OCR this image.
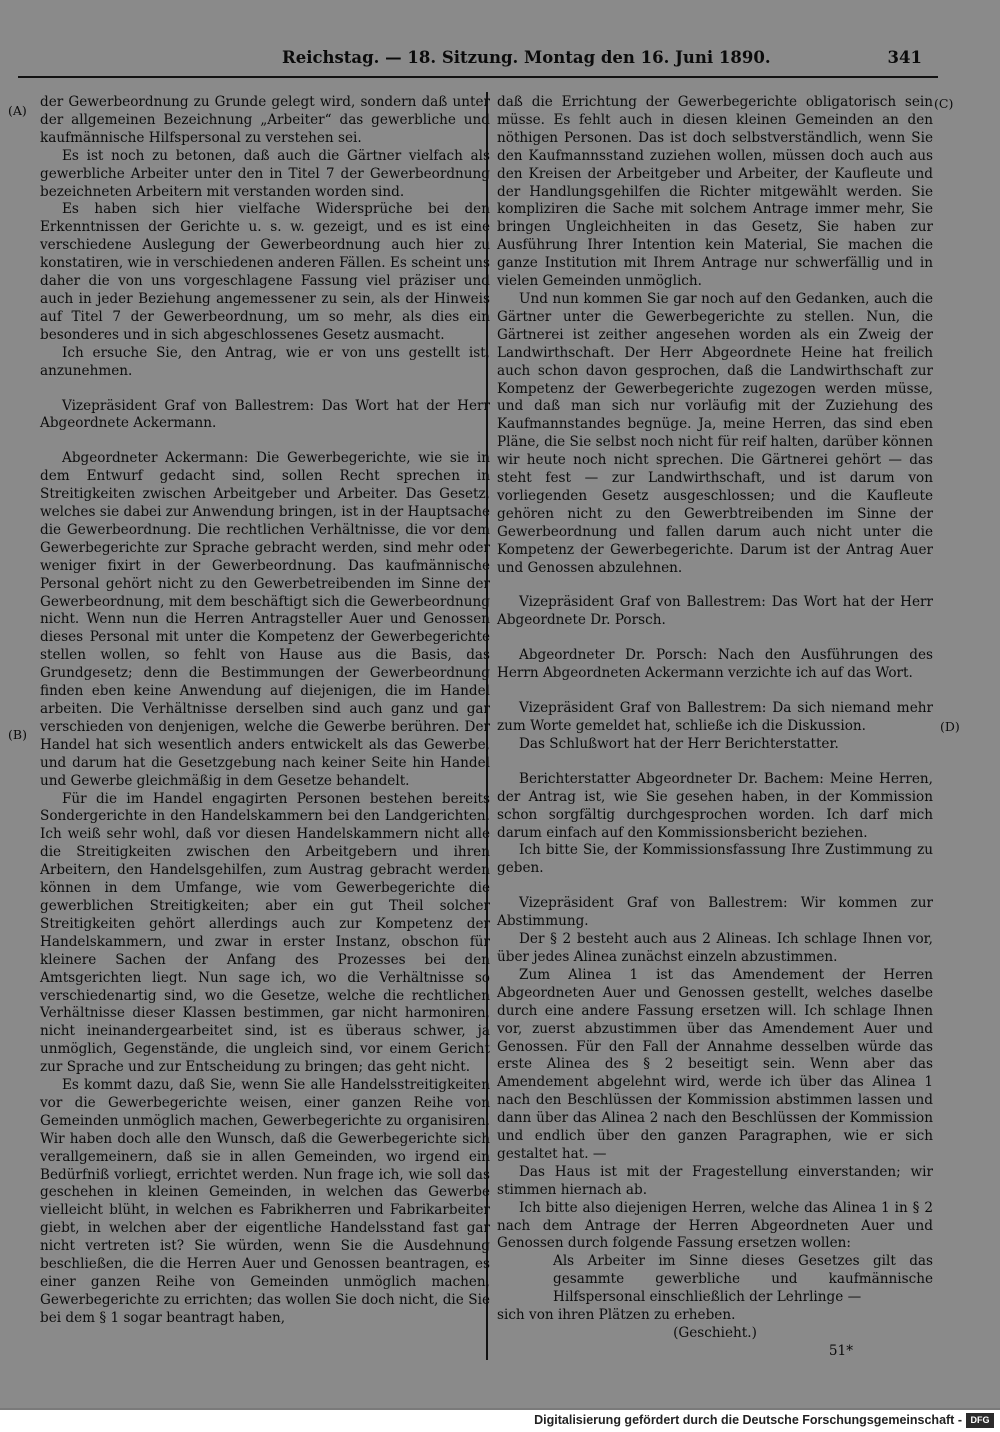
Reichstag. — 18. Sitzung. Montag den 16. Juni 1890.	341
(A)
(B)
(C)
(D)

der Gewerbeordnung zu Grunde gelegt wird, sondern daß unter der allgemeinen Bezeichnung „Arbeiter“ das gewerbliche und kaufmännische Hilfspersonal zu verstehen sei.

Es ist noch zu betonen, daß auch die Gärtner vielfach als gewerbliche Arbeiter unter den in Titel 7 der Gewerbeordnung bezeichneten Arbeitern mit verstanden worden sind.

Es haben sich hier vielfache Widersprüche bei den Erkenntnissen der Gerichte u. s. w. gezeigt, und es ist eine verschiedene Auslegung der Gewerbeordnung auch hier zu konstatiren, wie in verschiedenen anderen Fällen. Es scheint uns daher die von uns vorgeschlagene Fassung viel präziser und auch in jeder Beziehung angemessener zu sein, als der Hinweis auf Titel 7 der Gewerbeordnung, um so mehr, als dies ein besonderes und in sich abgeschlossenes Gesetz ausmacht.

Ich ersuche Sie, den Antrag, wie er von uns gestellt ist, anzunehmen.

Vizepräsident Graf von Ballestrem: Das Wort hat der Herr Abgeordnete Ackermann.

Abgeordneter Ackermann: Die Gewerbegerichte, wie sie in dem Entwurf gedacht sind, sollen Recht sprechen in Streitigkeiten zwischen Arbeitgeber und Arbeiter. Das Gesetz, welches sie dabei zur Anwendung bringen, ist in der Hauptsache die Gewerbeordnung. Die rechtlichen Verhältnisse, die vor dem Gewerbegerichte zur Sprache gebracht werden, sind mehr oder weniger fixirt in der Gewerbeordnung. Das kaufmännische Personal gehört nicht zu den Gewerbetreibenden im Sinne der Gewerbeordnung, mit dem beschäftigt sich die Gewerbeordnung nicht. Wenn nun die Herren Antragsteller Auer und Genossen dieses Personal mit unter die Kompetenz der Gewerbegerichte stellen wollen, so fehlt von Hause aus die Basis, das Grundgesetz; denn die Bestimmungen der Gewerbeordnung finden eben keine Anwendung auf diejenigen, die im Handel arbeiten. Die Verhältnisse derselben sind auch ganz und gar verschieden von denjenigen, welche die Gewerbe berühren. Der Handel hat sich wesentlich anders entwickelt als das Gewerbe, und darum hat die Gesetzgebung nach keiner Seite hin Handel und Gewerbe gleichmäßig in dem Gesetze behandelt.

Für die im Handel engagirten Personen bestehen bereits Sondergerichte in den Handelskammern bei den Landgerichten. Ich weiß sehr wohl, daß vor diesen Handelskammern nicht alle die Streitigkeiten zwischen den Arbeitgebern und ihren Arbeitern, den Handelsgehilfen, zum Austrag gebracht werden können in dem Umfange, wie vom Gewerbegerichte die gewerblichen Streitigkeiten; aber ein gut Theil solcher Streitigkeiten gehört allerdings auch zur Kompetenz der Handelskammern, und zwar in erster Instanz, obschon für kleinere Sachen der Anfang des Prozesses bei den Amtsgerichten liegt. Nun sage ich, wo die Verhältnisse so verschiedenartig sind, wo die Gesetze, welche die rechtlichen Verhältnisse dieser Klassen bestimmen, gar nicht harmoniren, nicht ineinandergearbeitet sind, ist es überaus schwer, ja unmöglich, Gegenstände, die ungleich sind, vor einem Gericht zur Sprache und zur Entscheidung zu bringen; das geht nicht.

Es kommt dazu, daß Sie, wenn Sie alle Handelsstreitigkeiten vor die Gewerbegerichte weisen, einer ganzen Reihe von Gemeinden unmöglich machen, Gewerbegerichte zu organisiren. Wir haben doch alle den Wunsch, daß die Gewerbegerichte sich verallgemeinern, daß sie in allen Gemeinden, wo irgend ein Bedürfniß vorliegt, errichtet werden. Nun frage ich, wie soll das geschehen in kleinen Gemeinden, in welchen das Gewerbe vielleicht blüht, in welchen es Fabrikherren und Fabrikarbeiter giebt, in welchen aber der eigentliche Handelsstand fast gar nicht vertreten ist? Sie würden, wenn Sie die Ausdehnung beschließen, die die Herren Auer und Genossen beantragen, es einer ganzen Reihe von Gemeinden unmöglich machen, Gewerbegerichte zu errichten; das wollen Sie doch nicht, die Sie bei dem § 1 sogar beantragt haben,

daß die Errichtung der Gewerbegerichte obligatorisch sein müsse. Es fehlt auch in diesen kleinen Gemeinden an den nöthigen Personen. Das ist doch selbstverständlich, wenn Sie den Kaufmannsstand zuziehen wollen, müssen doch auch aus den Kreisen der Arbeitgeber und Arbeiter, der Kaufleute und der Handlungsgehilfen die Richter mitgewählt werden. Sie kompliziren die Sache mit solchem Antrage immer mehr, Sie bringen Ungleichheiten in das Gesetz, Sie haben zur Ausführung Ihrer Intention kein Material, Sie machen die ganze Institution mit Ihrem Antrage nur schwerfällig und in vielen Gemeinden unmöglich.

Und nun kommen Sie gar noch auf den Gedanken, auch die Gärtner unter die Gewerbegerichte zu stellen. Nun, die Gärtnerei ist zeither angesehen worden als ein Zweig der Landwirthschaft. Der Herr Abgeordnete Heine hat freilich auch schon davon gesprochen, daß die Landwirthschaft zur Kompetenz der Gewerbegerichte zugezogen werden müsse, und daß man sich nur vorläufig mit der Zuziehung des Kaufmannstandes begnüge. Ja, meine Herren, das sind eben Pläne, die Sie selbst noch nicht für reif halten, darüber können wir heute noch nicht sprechen. Die Gärtnerei gehört — das steht fest — zur Landwirthschaft, und ist darum von vorliegenden Gesetz ausgeschlossen; und die Kaufleute gehören nicht zu den Gewerbtreibenden im Sinne der Gewerbeordnung und fallen darum auch nicht unter die Kompetenz der Gewerbegerichte. Darum ist der Antrag Auer und Genossen abzulehnen.

Vizepräsident Graf von Ballestrem: Das Wort hat der Herr Abgeordnete Dr. Porsch.

Abgeordneter Dr. Porsch: Nach den Ausführungen des Herrn Abgeordneten Ackermann verzichte ich auf das Wort.

Vizepräsident Graf von Ballestrem: Da sich niemand mehr zum Worte gemeldet hat, schließe ich die Diskussion.

Das Schlußwort hat der Herr Berichterstatter.

Berichterstatter Abgeordneter Dr. Bachem: Meine Herren, der Antrag ist, wie Sie gesehen haben, in der Kommission schon sorgfältig durchgesprochen worden. Ich darf mich darum einfach auf den Kommissionsbericht beziehen.

Ich bitte Sie, der Kommissionsfassung Ihre Zustimmung zu geben.

Vizepräsident Graf von Ballestrem: Wir kommen zur Abstimmung.

Der § 2 besteht auch aus 2 Alineas. Ich schlage Ihnen vor, über jedes Alinea zunächst einzeln abzustimmen.

Zum Alinea 1 ist das Amendement der Herren Abgeordneten Auer und Genossen gestellt, welches daselbe durch eine andere Fassung ersetzen will. Ich schlage Ihnen vor, zuerst abzustimmen über das Amendement Auer und Genossen. Für den Fall der Annahme desselben würde das erste Alinea des § 2 beseitigt sein. Wenn aber das Amendement abgelehnt wird, werde ich über das Alinea 1 nach den Beschlüssen der Kommission abstimmen lassen und dann über das Alinea 2 nach den Beschlüssen der Kommission und endlich über den ganzen Paragraphen, wie er sich gestaltet hat. —

Das Haus ist mit der Fragestellung einverstanden; wir stimmen hiernach ab.

Ich bitte also diejenigen Herren, welche das Alinea 1 in § 2 nach dem Antrage der Herren Abgeordneten Auer und Genossen durch folgende Fassung ersetzen wollen:

Als Arbeiter im Sinne dieses Gesetzes gilt das gesammte gewerbliche und kaufmännische Hilfspersonal einschließlich der Lehrlinge —

sich von ihren Plätzen zu erheben.

(Geschieht.)

51*

Digitalisierung gefördert durch die Deutsche Forschungsgemeinschaft - DFG
